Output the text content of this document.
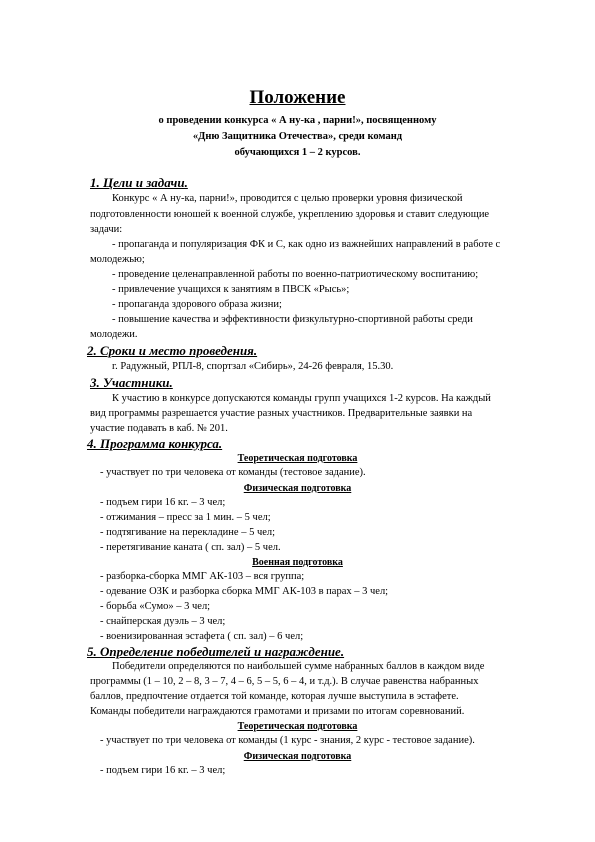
Положение
о проведении конкурса « А ну-ка , парни!», посвященному
«Дню Защитника Отечества», среди команд
обучающихся 1 – 2 курсов.
1. Цели и задачи.
Конкурс « А ну-ка, парни!», проводится с целью проверки уровня физической
подготовленности юношей к военной службе, укреплению здоровья и ставит следующие
задачи:
- пропаганда и популяризация ФК и С, как одно из важнейших направлений в работе с
молодежью;
- проведение целенаправленной работы по военно-патриотическому воспитанию;
- привлечение учащихся к занятиям в ПВСК «Рысь»;
- пропаганда здорового образа жизни;
- повышение качества и эффективности физкультурно-спортивной работы среди
молодежи.
2. Сроки и место проведения.
г. Радужный, РПЛ-8, спортзал «Сибирь», 24-26 февраля, 15.30.
3. Участники.
К участию в конкурсе допускаются команды групп учащихся 1-2 курсов. На каждый
вид программы разрешается участие разных участников. Предварительные заявки на
участие подавать в каб. № 201.
4. Программа конкурса.
Теоретическая подготовка
- участвует по три человека от команды (тестовое задание).
Физическая подготовка
- подъем гири 16 кг. – 3 чел;
- отжимания – пресс за 1 мин. – 5 чел;
- подтягивание на перекладине – 5 чел;
- перетягивание каната ( сп. зал) – 5 чел.
Военная подготовка
- разборка-сборка ММГ АК-103 – вся группа;
- одевание ОЗК и разборка сборка ММГ АК-103 в парах – 3 чел;
- борьба «Сумо» – 3 чел;
- снайперская дуэль – 3 чел;
- военизированная эстафета ( сп. зал) – 6 чел;
5. Определение победителей и награждение.
Победители определяются по наибольшей сумме набранных баллов в каждом виде
программы (1 – 10, 2 – 8, 3 – 7, 4 – 6, 5 – 5, 6 – 4, и т.д.). В случае равенства набранных
баллов, предпочтение отдается той команде, которая лучше выступила в эстафете.
Команды победители награждаются грамотами и призами по итогам соревнований.
Теоретическая подготовка
- участвует по три человека от команды (1 курс - знания, 2 курс - тестовое задание).
Физическая подготовка
- подъем гири 16 кг. – 3 чел;
